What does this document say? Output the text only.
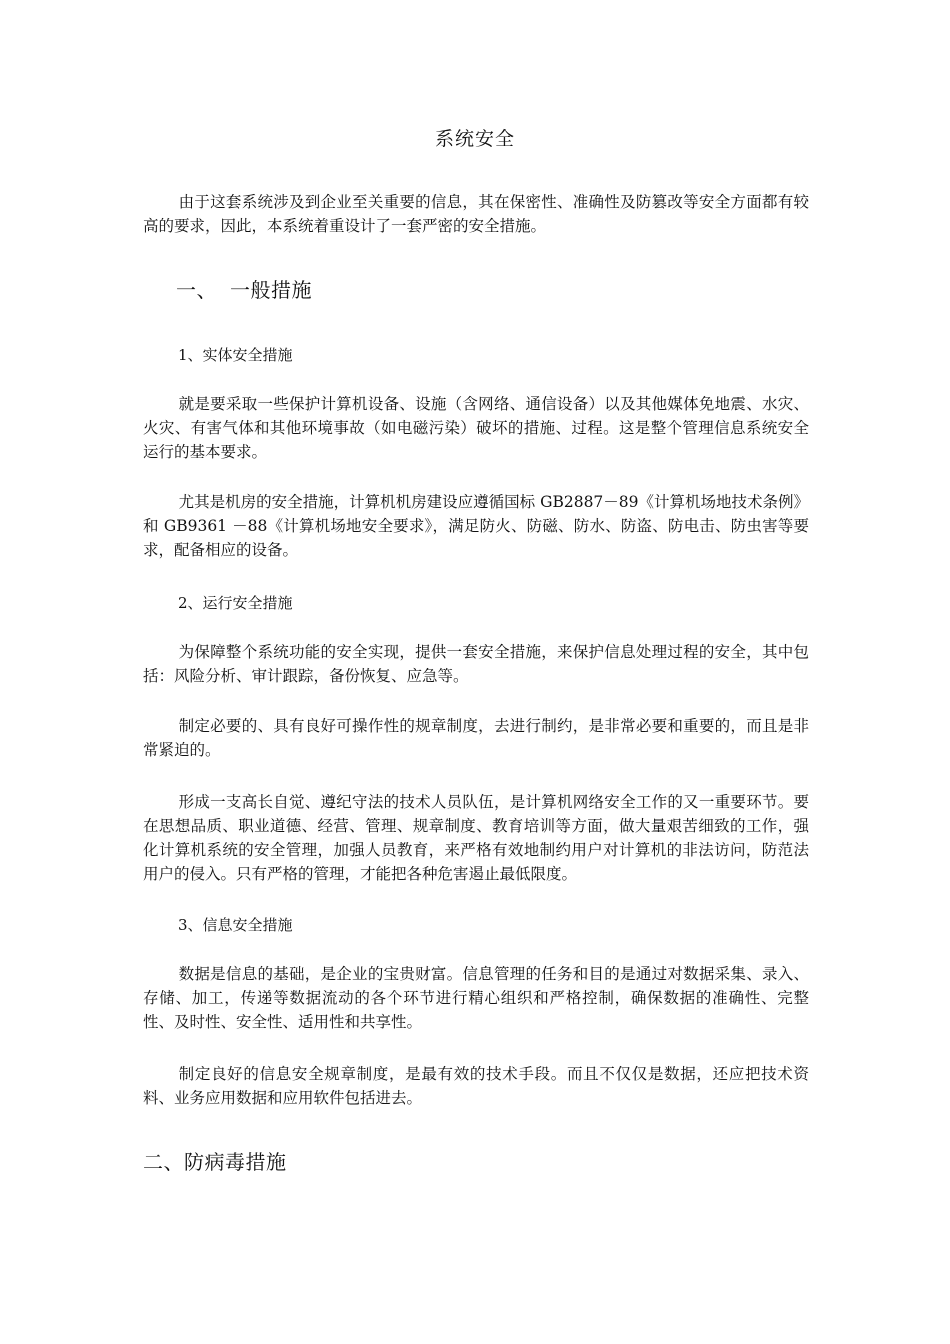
系统安全
由于这套系统涉及到企业至关重要的信息，其在保密性、准确性及防篡改等安全方面都有较高的要求，因此，本系统着重设计了一套严密的安全措施。
一、 一般措施
1、实体安全措施
就是要采取一些保护计算机设备、设施（含网络、通信设备）以及其他媒体免地震、水灾、火灾、有害气体和其他环境事故（如电磁污染）破坏的措施、过程。这是整个管理信息系统安全运行的基本要求。
尤其是机房的安全措施，计算机机房建设应遵循国标 GB2887－89《计算机场地技术条例》和 GB9361 －88《计算机场地安全要求》，满足防火、防磁、防水、防盗、防电击、防虫害等要求，配备相应的设备。
2、运行安全措施
为保障整个系统功能的安全实现，提供一套安全措施，来保护信息处理过程的安全，其中包括：风险分析、审计跟踪，备份恢复、应急等。
制定必要的、具有良好可操作性的规章制度，去进行制约，是非常必要和重要的，而且是非常紧迫的。
形成一支高长自觉、遵纪守法的技术人员队伍，是计算机网络安全工作的又一重要环节。要在思想品质、职业道德、经营、管理、规章制度、教育培训等方面，做大量艰苦细致的工作，强化计算机系统的安全管理，加强人员教育，来严格有效地制约用户对计算机的非法访问，防范法用户的侵入。只有严格的管理，才能把各种危害遏止最低限度。
3、信息安全措施
数据是信息的基础，是企业的宝贵财富。信息管理的任务和目的是通过对数据采集、录入、存储、加工，传递等数据流动的各个环节进行精心组织和严格控制，确保数据的准确性、完整性、及时性、安全性、适用性和共享性。
制定良好的信息安全规章制度，是最有效的技术手段。而且不仅仅是数据，还应把技术资料、业务应用数据和应用软件包括进去。
二、防病毒措施
